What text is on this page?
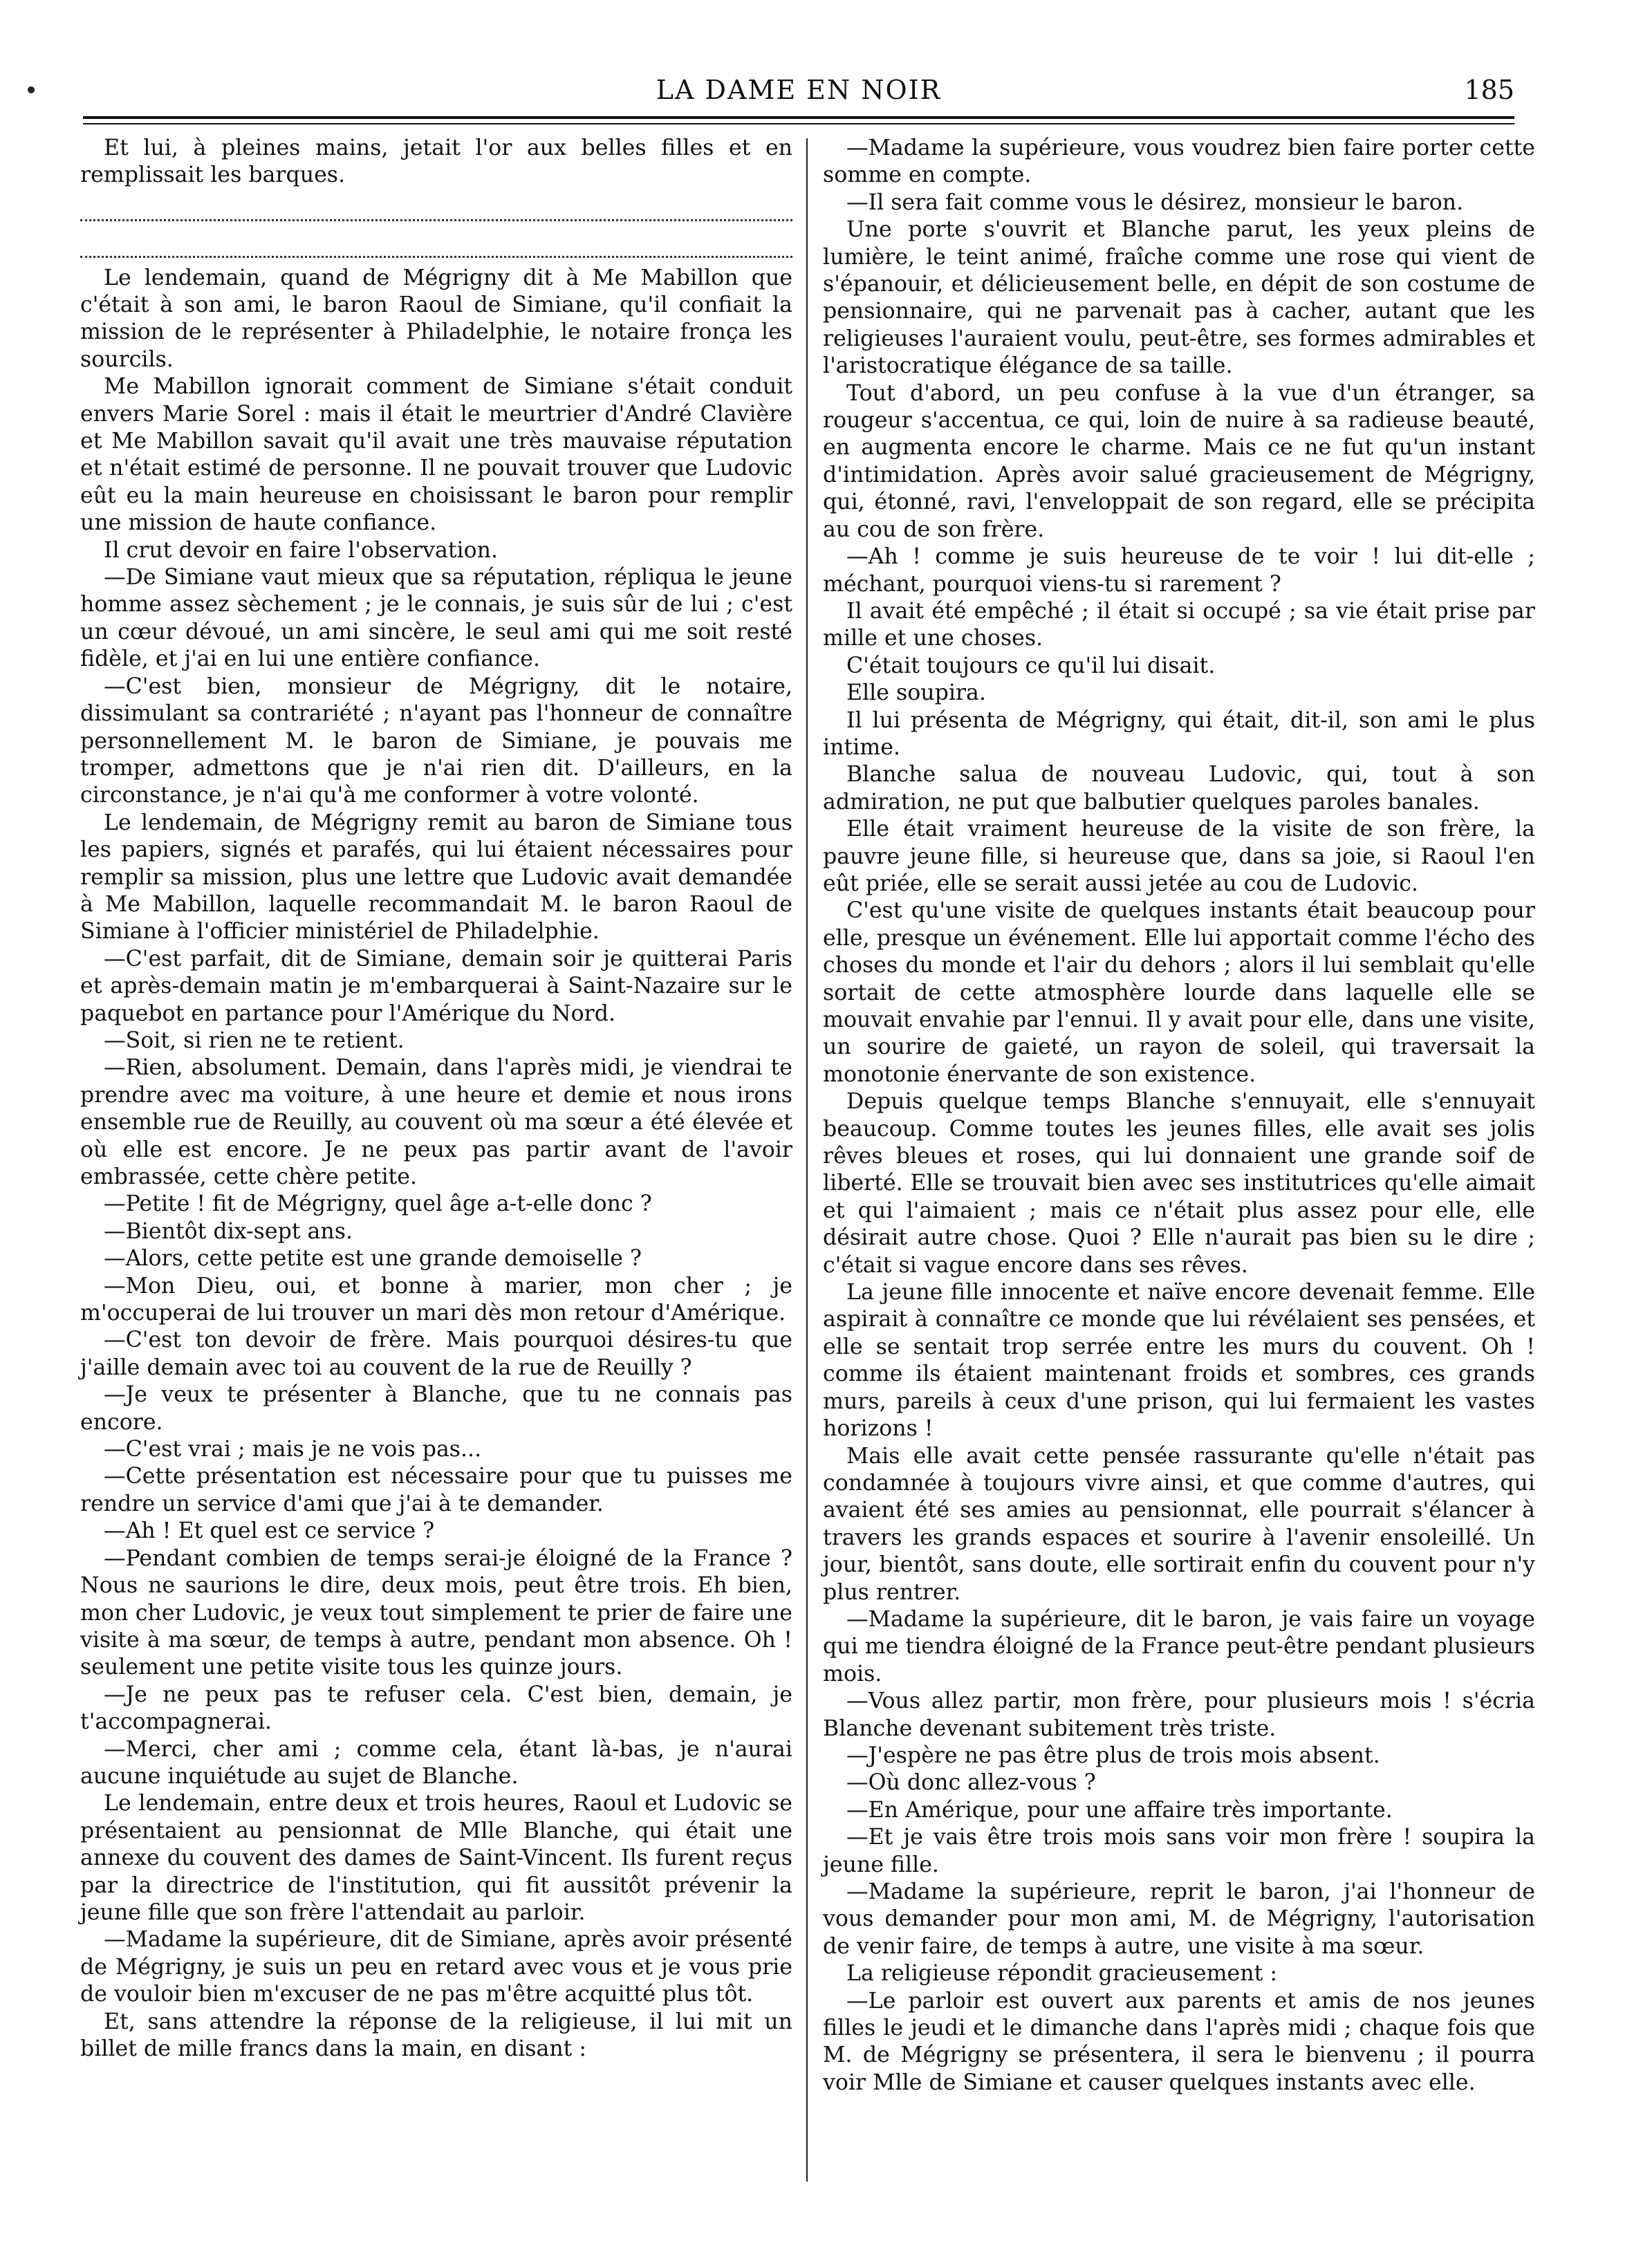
LA DAME EN NOIR	185

Et lui, à pleines mains, jetait l'or aux belles filles et en remplissait les barques.

Le lendemain, quand de Mégrigny dit à Me Mabillon que c'était à son ami, le baron Raoul de Simiane, qu'il confiait la mission de le représenter à Philadelphie, le notaire fronça les sourcils.

Me Mabillon ignorait comment de Simiane s'était conduit envers Marie Sorel : mais il était le meurtrier d'André Clavière et Me Mabillon savait qu'il avait une très mauvaise réputation et n'était estimé de personne. Il ne pouvait trouver que Ludovic eût eu la main heureuse en choisissant le baron pour remplir une mission de haute confiance.

Il crut devoir en faire l'observation.

—De Simiane vaut mieux que sa réputation, répliqua le jeune homme assez sèchement ; je le connais, je suis sûr de lui ; c'est un cœur dévoué, un ami sincère, le seul ami qui me soit resté fidèle, et j'ai en lui une entière confiance.

—C'est bien, monsieur de Mégrigny, dit le notaire, dissimulant sa contrariété ; n'ayant pas l'honneur de connaître personnellement M. le baron de Simiane, je pouvais me tromper, admettons que je n'ai rien dit. D'ailleurs, en la circonstance, je n'ai qu'à me conformer à votre volonté.

Le lendemain, de Mégrigny remit au baron de Simiane tous les papiers, signés et parafés, qui lui étaient nécessaires pour remplir sa mission, plus une lettre que Ludovic avait demandée à Me Mabillon, laquelle recommandait M. le baron Raoul de Simiane à l'officier ministériel de Philadelphie.

—C'est parfait, dit de Simiane, demain soir je quitterai Paris et après-demain matin je m'embarquerai à Saint-Nazaire sur le paquebot en partance pour l'Amérique du Nord.

—Soit, si rien ne te retient.

—Rien, absolument. Demain, dans l'après midi, je viendrai te prendre avec ma voiture, à une heure et demie et nous irons ensemble rue de Reuilly, au couvent où ma sœur a été élevée et où elle est encore. Je ne peux pas partir avant de l'avoir embrassée, cette chère petite.

—Petite ! fit de Mégrigny, quel âge a-t-elle donc ?

—Bientôt dix-sept ans.

—Alors, cette petite est une grande demoiselle ?

—Mon Dieu, oui, et bonne à marier, mon cher ; je m'occuperai de lui trouver un mari dès mon retour d'Amérique.

—C'est ton devoir de frère. Mais pourquoi désires-tu que j'aille demain avec toi au couvent de la rue de Reuilly ?

—Je veux te présenter à Blanche, que tu ne connais pas encore.

—C'est vrai ; mais je ne vois pas...

—Cette présentation est nécessaire pour que tu puisses me rendre un service d'ami que j'ai à te demander.

—Ah ! Et quel est ce service ?

—Pendant combien de temps serai-je éloigné de la France ? Nous ne saurions le dire, deux mois, peut être trois. Eh bien, mon cher Ludovic, je veux tout simplement te prier de faire une visite à ma sœur, de temps à autre, pendant mon absence. Oh ! seulement une petite visite tous les quinze jours.

—Je ne peux pas te refuser cela. C'est bien, demain, je t'accompagnerai.

—Merci, cher ami ; comme cela, étant là-bas, je n'aurai aucune inquiétude au sujet de Blanche.

Le lendemain, entre deux et trois heures, Raoul et Ludovic se présentaient au pensionnat de Mlle Blanche, qui était une annexe du couvent des dames de Saint-Vincent. Ils furent reçus par la directrice de l'institution, qui fit aussitôt prévenir la jeune fille que son frère l'attendait au parloir.

—Madame la supérieure, dit de Simiane, après avoir présenté de Mégrigny, je suis un peu en retard avec vous et je vous prie de vouloir bien m'excuser de ne pas m'être acquitté plus tôt.

Et, sans attendre la réponse de la religieuse, il lui mit un billet de mille francs dans la main, en disant :

—Madame la supérieure, vous voudrez bien faire porter cette somme en compte.

—Il sera fait comme vous le désirez, monsieur le baron.

Une porte s'ouvrit et Blanche parut, les yeux pleins de lumière, le teint animé, fraîche comme une rose qui vient de s'épanouir, et délicieusement belle, en dépit de son costume de pensionnaire, qui ne parvenait pas à cacher, autant que les religieuses l'auraient voulu, peut-être, ses formes admirables et l'aristocratique élégance de sa taille.

Tout d'abord, un peu confuse à la vue d'un étranger, sa rougeur s'accentua, ce qui, loin de nuire à sa radieuse beauté, en augmenta encore le charme. Mais ce ne fut qu'un instant d'intimidation. Après avoir salué gracieusement de Mégrigny, qui, étonné, ravi, l'enveloppait de son regard, elle se précipita au cou de son frère.

—Ah ! comme je suis heureuse de te voir ! lui dit-elle ; méchant, pourquoi viens-tu si rarement ?

Il avait été empêché ; il était si occupé ; sa vie était prise par mille et une choses.

C'était toujours ce qu'il lui disait.

Elle soupira.

Il lui présenta de Mégrigny, qui était, dit-il, son ami le plus intime.

Blanche salua de nouveau Ludovic, qui, tout à son admiration, ne put que balbutier quelques paroles banales.

Elle était vraiment heureuse de la visite de son frère, la pauvre jeune fille, si heureuse que, dans sa joie, si Raoul l'en eût priée, elle se serait aussi jetée au cou de Ludovic.

C'est qu'une visite de quelques instants était beaucoup pour elle, presque un événement. Elle lui apportait comme l'écho des choses du monde et l'air du dehors ; alors il lui semblait qu'elle sortait de cette atmosphère lourde dans laquelle elle se mouvait envahie par l'ennui. Il y avait pour elle, dans une visite, un sourire de gaieté, un rayon de soleil, qui traversait la monotonie énervante de son existence.

Depuis quelque temps Blanche s'ennuyait, elle s'ennuyait beaucoup. Comme toutes les jeunes filles, elle avait ses jolis rêves bleues et roses, qui lui donnaient une grande soif de liberté. Elle se trouvait bien avec ses institutrices qu'elle aimait et qui l'aimaient ; mais ce n'était plus assez pour elle, elle désirait autre chose. Quoi ? Elle n'aurait pas bien su le dire ; c'était si vague encore dans ses rêves.

La jeune fille innocente et naïve encore devenait femme. Elle aspirait à connaître ce monde que lui révélaient ses pensées, et elle se sentait trop serrée entre les murs du couvent. Oh ! comme ils étaient maintenant froids et sombres, ces grands murs, pareils à ceux d'une prison, qui lui fermaient les vastes horizons !

Mais elle avait cette pensée rassurante qu'elle n'était pas condamnée à toujours vivre ainsi, et que comme d'autres, qui avaient été ses amies au pensionnat, elle pourrait s'élancer à travers les grands espaces et sourire à l'avenir ensoleillé. Un jour, bientôt, sans doute, elle sortirait enfin du couvent pour n'y plus rentrer.

—Madame la supérieure, dit le baron, je vais faire un voyage qui me tiendra éloigné de la France peut-être pendant plusieurs mois.

—Vous allez partir, mon frère, pour plusieurs mois ! s'écria Blanche devenant subitement très triste.

—J'espère ne pas être plus de trois mois absent.

—Où donc allez-vous ?

—En Amérique, pour une affaire très importante.

—Et je vais être trois mois sans voir mon frère ! soupira la jeune fille.

—Madame la supérieure, reprit le baron, j'ai l'honneur de vous demander pour mon ami, M. de Mégrigny, l'autorisation de venir faire, de temps à autre, une visite à ma sœur.

La religieuse répondit gracieusement :

—Le parloir est ouvert aux parents et amis de nos jeunes filles le jeudi et le dimanche dans l'après midi ; chaque fois que M. de Mégrigny se présentera, il sera le bienvenu ; il pourra voir Mlle de Simiane et causer quelques instants avec elle.
